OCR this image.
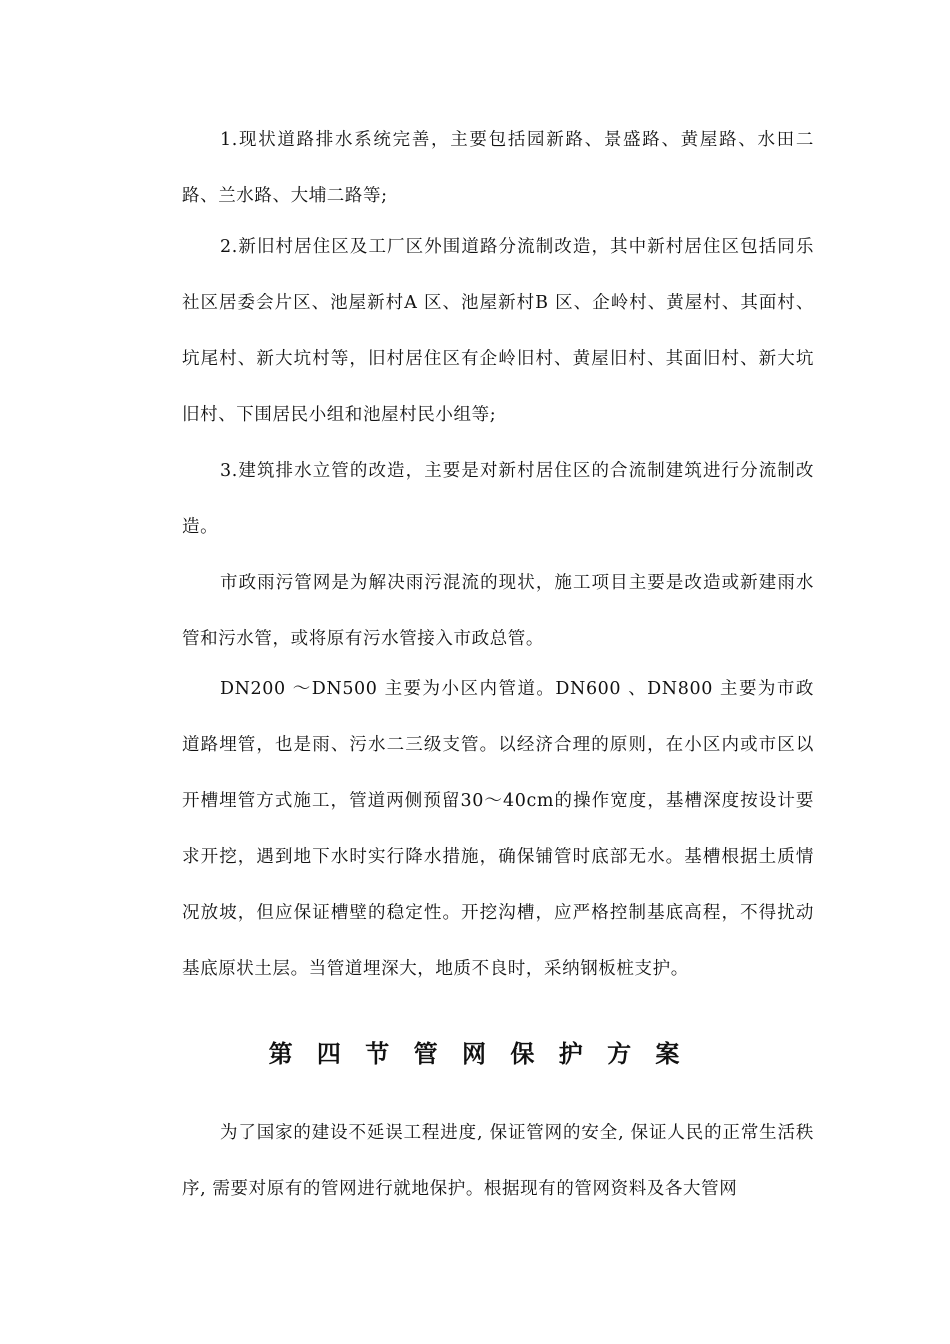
1.现状道路排水系统完善，主要包括园新路、景盛路、黄屋路、水田二路、兰水路、大埔二路等;

2.新旧村居住区及工厂区外围道路分流制改造，其中新村居住区包括同乐社区居委会片区、池屋新村A 区、池屋新村B 区、企岭村、黄屋村、其面村、坑尾村、新大坑村等，旧村居住区有企岭旧村、黄屋旧村、其面旧村、新大坑旧村、下围居民小组和池屋村民小组等;

3.建筑排水立管的改造，主要是对新村居住区的合流制建筑进行分流制改造。

市政雨污管网是为解决雨污混流的现状，施工项目主要是改造或新建雨水管和污水管，或将原有污水管接入市政总管。

DN200 ～DN500 主要为小区内管道。DN600 、DN800 主要为市政道路埋管，也是雨、污水二三级支管。以经济合理的原则，在小区内或市区以开槽埋管方式施工，管道两侧预留30～40cm的操作宽度，基槽深度按设计要求开挖，遇到地下水时实行降水措施，确保铺管时底部无水。基槽根据土质情况放坡，但应保证槽壁的稳定性。开挖沟槽，应严格控制基底高程，不得扰动基底原状土层。当管道埋深大，地质不良时，采纳钢板桩支护。

第 四 节 管 网 保 护 方 案

为了国家的建设不延误工程进度, 保证管网的安全, 保证人民的正常生活秩序, 需要对原有的管网进行就地保护。根据现有的管网资料及各大管网
